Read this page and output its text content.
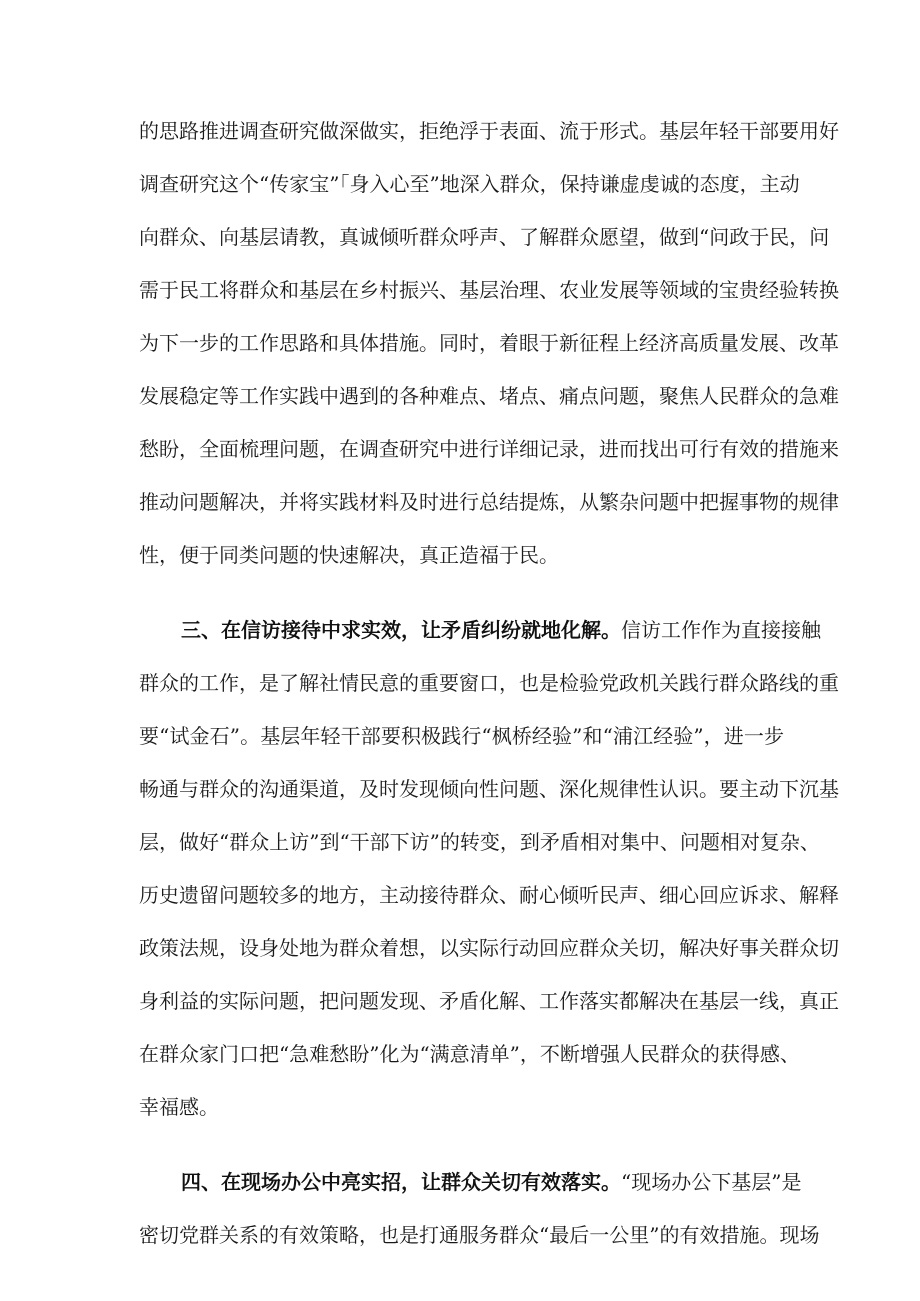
的思路推进调查研究做深做实，拒绝浮于表面、流于形式。基层年轻干部要用好
调查研究这个“传家宝”「身入心至”地深入群众，保持谦虚虔诚的态度，主动
向群众、向基层请教，真诚倾听群众呼声、了解群众愿望，做到“问政于民，问
需于民工将群众和基层在乡村振兴、基层治理、农业发展等领域的宝贵经验转换
为下一步的工作思路和具体措施。同时，着眼于新征程上经济高质量发展、改革
发展稳定等工作实践中遇到的各种难点、堵点、痛点问题，聚焦人民群众的急难
愁盼，全面梳理问题，在调查研究中进行详细记录，进而找出可行有效的措施来
推动问题解决，并将实践材料及时进行总结提炼，从繁杂问题中把握事物的规律
性，便于同类问题的快速解决，真正造福于民。
三、在信访接待中求实效，让矛盾纠纷就地化解。信访工作作为直接接触
群众的工作，是了解社情民意的重要窗口，也是检验党政机关践行群众路线的重
要“试金石”。基层年轻干部要积极践行“枫桥经验”和“浦江经验”，进一步
畅通与群众的沟通渠道，及时发现倾向性问题、深化规律性认识。要主动下沉基
层，做好“群众上访”到“干部下访”的转变，到矛盾相对集中、问题相对复杂、
历史遗留问题较多的地方，主动接待群众、耐心倾听民声、细心回应诉求、解释
政策法规，设身处地为群众着想，以实际行动回应群众关切，解决好事关群众切
身利益的实际问题，把问题发现、矛盾化解、工作落实都解决在基层一线，真正
在群众家门口把“急难愁盼”化为“满意清单”，不断增强人民群众的获得感、
幸福感。
四、在现场办公中亮实招，让群众关切有效落实。“现场办公下基层”是
密切党群关系的有效策略，也是打通服务群众“最后一公里”的有效措施。现场
